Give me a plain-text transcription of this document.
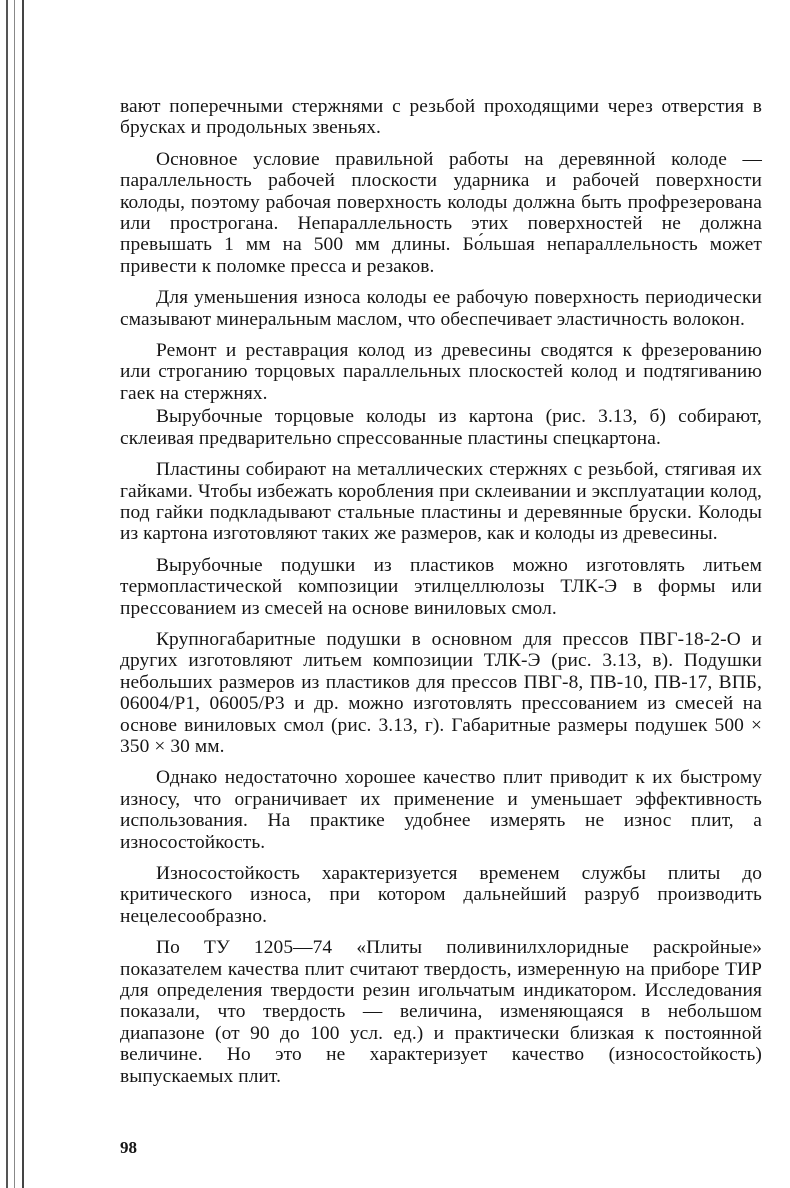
вают поперечными стержнями с резьбой проходящими через отверстия в брусках и продольных звеньях.

Основное условие правильной работы на деревянной колоде — параллельность рабочей плоскости ударника и рабочей поверхности колоды, поэтому рабочая поверхность колоды должна быть профрезерована или прострогана. Непараллельность этих поверхностей не должна превышать 1 мм на 500 мм длины. Бо́льшая непараллельность может привести к поломке пресса и резаков.

Для уменьшения износа колоды ее рабочую поверхность периодически смазывают минеральным маслом, что обеспечивает эластичность волокон.

Ремонт и реставрация колод из древесины сводятся к фрезерованию или строганию торцовых параллельных плоскостей колод и подтягиванию гаек на стержнях.

Вырубочные торцовые колоды из картона (рис. 3.13, б) собирают, склеивая предварительно спрессованные пластины спецкартона.

Пластины собирают на металлических стержнях с резьбой, стягивая их гайками. Чтобы избежать коробления при склеивании и эксплуатации колод, под гайки подкладывают стальные пластины и деревянные бруски. Колоды из картона изготовляют таких же размеров, как и колоды из древесины.

Вырубочные подушки из пластиков можно изготовлять литьем термопластической композиции этилцеллюлозы ТЛК-Э в формы или прессованием из смесей на основе виниловых смол.

Крупногабаритные подушки в основном для прессов ПВГ-18-2-О и других изготовляют литьем композиции ТЛК-Э (рис. 3.13, в). Подушки небольших размеров из пластиков для прессов ПВГ-8, ПВ-10, ПВ-17, ВПБ, 06004/Р1, 06005/Р3 и др. можно изготовлять прессованием из смесей на основе виниловых смол (рис. 3.13, г). Габаритные размеры подушек 500 × 350 × 30 мм.

Однако недостаточно хорошее качество плит приводит к их быстрому износу, что ограничивает их применение и уменьшает эффективность использования. На практике удобнее измерять не износ плит, а износостойкость.

Износостойкость характеризуется временем службы плиты до критического износа, при котором дальнейший разруб производить нецелесообразно.

По ТУ 1205—74 «Плиты поливинилхлоридные раскройные» показателем качества плит считают твердость, измеренную на приборе ТИР для определения твердости резин игольчатым индикатором. Исследования показали, что твердость — величина, изменяющаяся в небольшом диапазоне (от 90 до 100 усл. ед.) и практически близкая к постоянной величине. Но это не характеризует качество (износостойкость) выпускаемых плит.

98
